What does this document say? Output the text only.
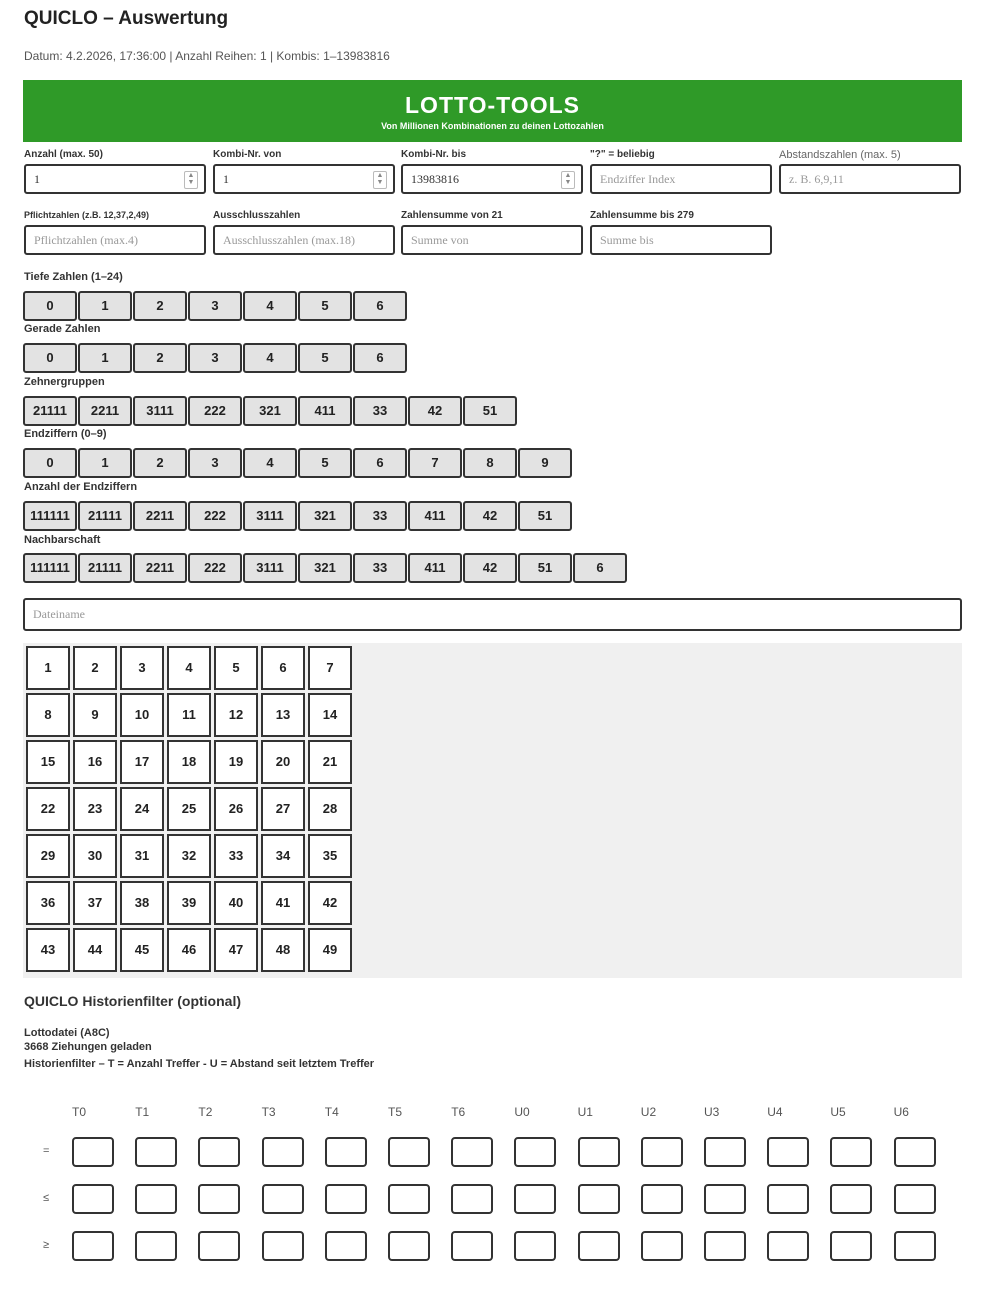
QUICLO – Auswertung
Datum: 4.2.2026, 17:36:00 | Anzahl Reihen: 1 | Kombis: 1–13983816
LOTTO-TOOLS
Von Millionen Kombinationen zu deinen Lottozahlen
Anzahl (max. 50)
1	▲
▼
Kombi-Nr. von
1	▲
▼
Kombi-Nr. bis
13983816	▲
▼
"?" = beliebig
Endziffer Index
Abstandszahlen (max. 5)
z. B. 6,9,11
Pflichtzahlen (z.B. 12,37,2,49)
Pflichtzahlen (max.4)
Ausschlusszahlen
Ausschlusszahlen (max.18)
Zahlensumme von 21
Summe von
Zahlensumme bis 279
Summe bis
Tiefe Zahlen (1–24)
0	1	2	3	4	5	6
Gerade Zahlen
0	1	2	3	4	5	6
Zehnergruppen
21111	2211	3111	222	321	411	33	42	51
Endziffern (0–9)
0	1	2	3	4	5	6	7	8	9
Anzahl der Endziffern
111111	21111	2211	222	3111	321	33	411	42	51
Nachbarschaft
111111	21111	2211	222	3111	321	33	411	42	51	6
Dateiname
1	2	3	4	5	6	7
8	9	10	11	12	13	14
15	16	17	18	19	20	21
22	23	24	25	26	27	28
29	30	31	32	33	34	35
36	37	38	39	40	41	42
43	44	45	46	47	48	49
QUICLO Historienfilter (optional)
Lottodatei (A8C)
3668 Ziehungen geladen
Historienfilter – T = Anzahl Treffer - U = Abstand seit letztem Treffer
T0	T1	T2	T3	T4	T5	T6	U0	U1	U2	U3	U4	U5	U6
=
≤
≥
